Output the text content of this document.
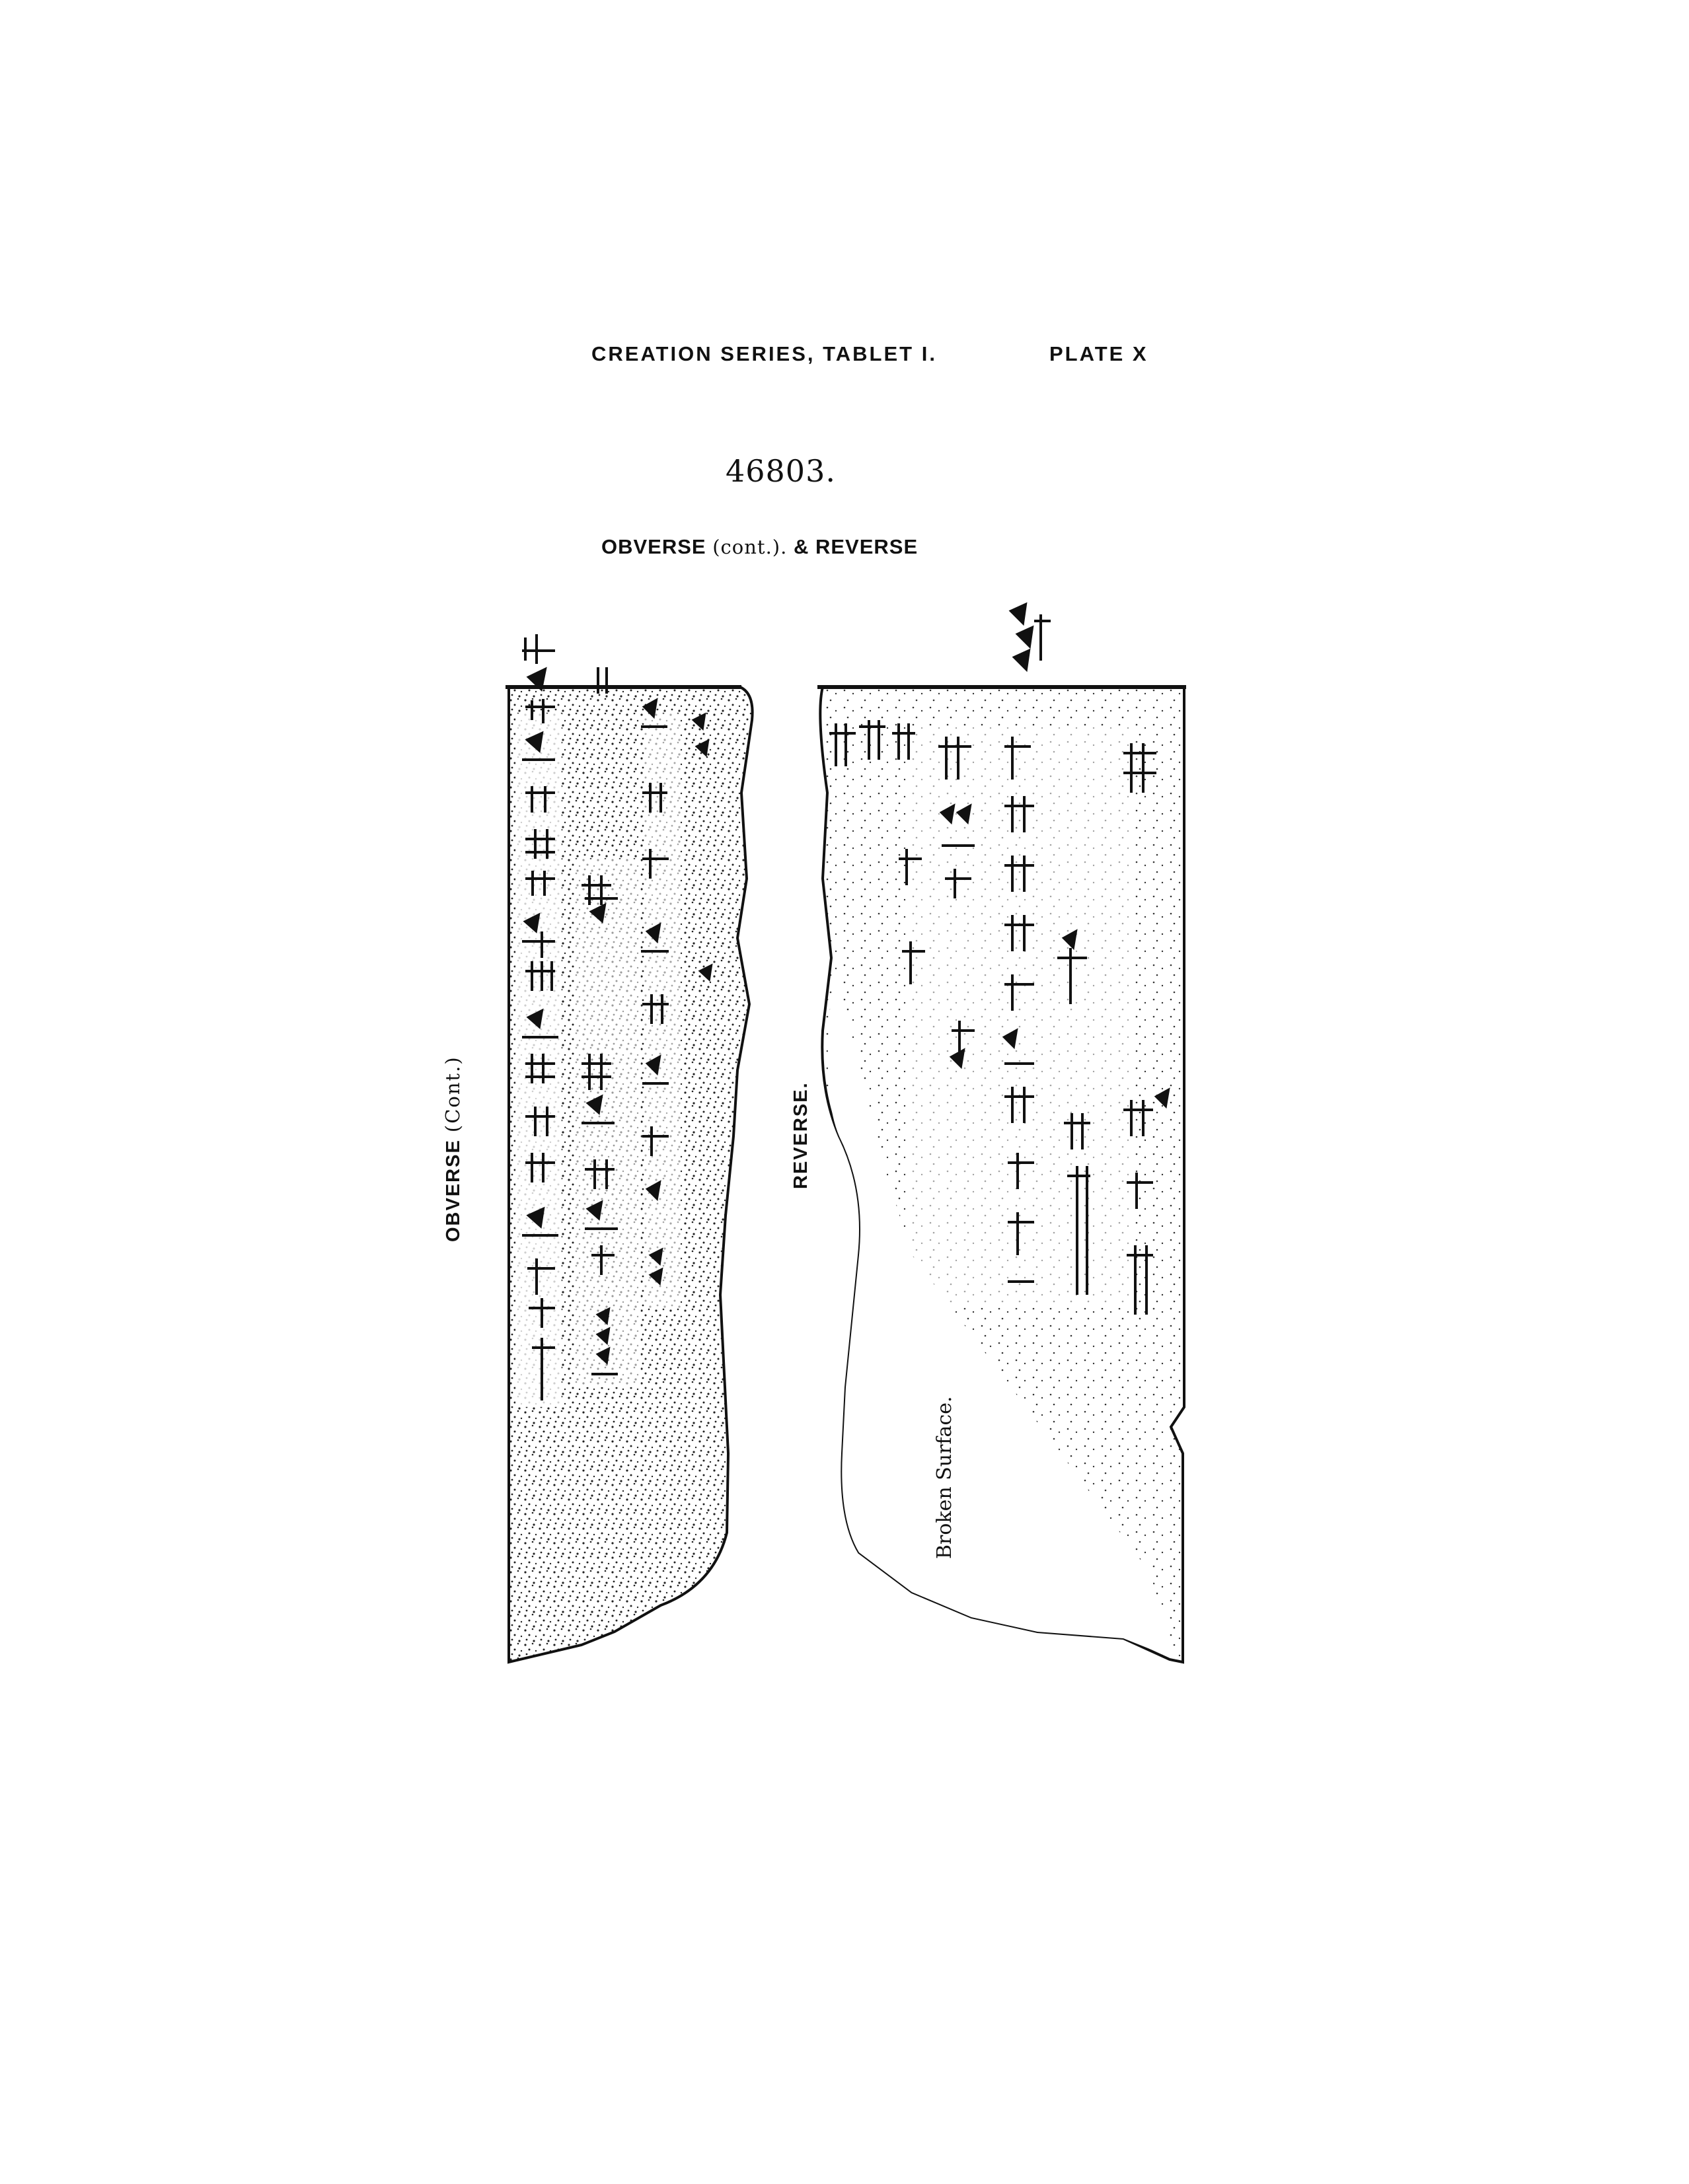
CREATION SERIES, TABLET I.	PLATE X
46803.
OBVERSE (cont.). & REVERSE
OBVERSE (Cont.)	REVERSE.
Broken Surface.
